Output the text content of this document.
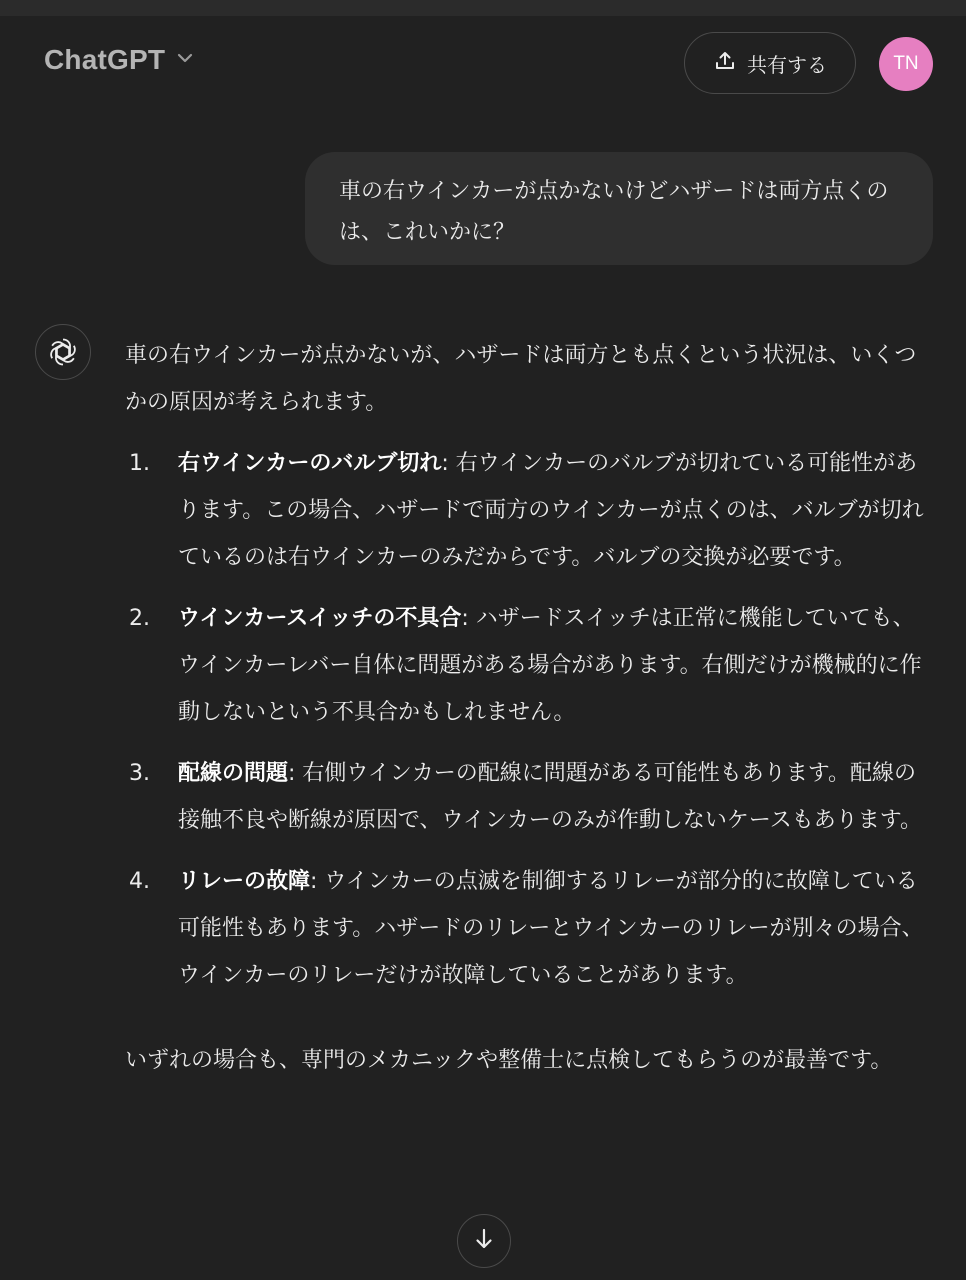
ChatGPT	共有する	TN
車の右ウインカーが点かないけどハザードは両方点くのは、これいかに？

車の右ウインカーが点かないが、ハザードは両方とも点くという状況は、いくつかの原因が考えられます。

1. 右ウインカーのバルブ切れ: 右ウインカーのバルブが切れている可能性があります。この場合、ハザードで両方のウインカーが点くのは、バルブが切れているのは右ウインカーのみだからです。バルブの交換が必要です。
2. ウインカースイッチの不具合: ハザードスイッチは正常に機能していても、ウインカーレバー自体に問題がある場合があります。右側だけが機械的に作動しないという不具合かもしれません。
3. 配線の問題: 右側ウインカーの配線に問題がある可能性もあります。配線の接触不良や断線が原因で、ウインカーのみが作動しないケースもあります。
4. リレーの故障: ウインカーの点滅を制御するリレーが部分的に故障している可能性もあります。ハザードのリレーとウインカーのリレーが別々の場合、ウインカーのリレーだけが故障していることがあります。

いずれの場合も、専門のメカニックや整備士に点検してもらうのが最善です。
